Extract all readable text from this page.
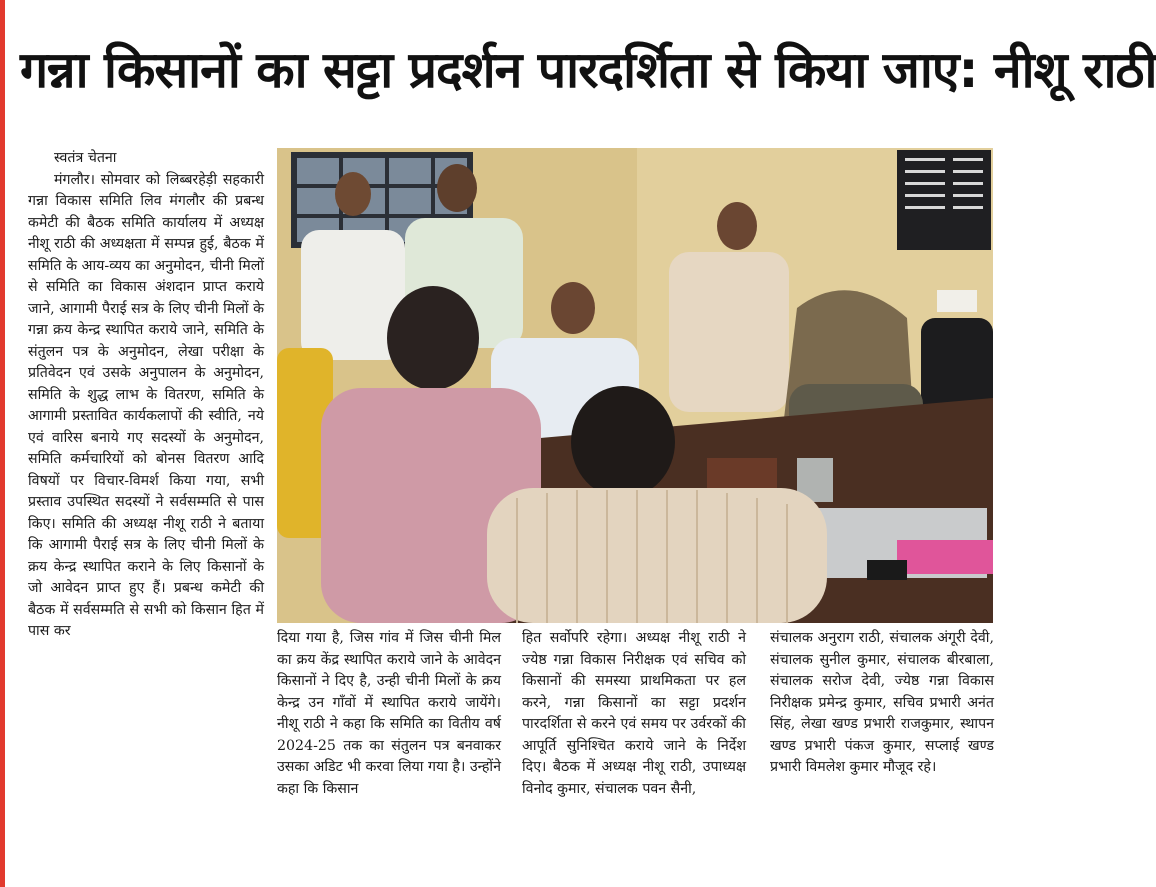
गन्ना किसानों का सट्टा प्रदर्शन पारदर्शिता से किया जाए: नीशू राठी
स्वतंत्र चेतना

मंगलौर। सोमवार को लिब्बरहेड़ी सहकारी गन्ना विकास समिति लिव मंगलौर की प्रबन्ध कमेटी की बैठक समिति कार्यालय में अध्यक्ष नीशू राठी की अध्यक्षता में सम्पन्न हुई, बैठक में समिति के आय-व्यय का अनुमोदन, चीनी मिलों से समिति का विकास अंशदान प्राप्त कराये जाने, आगामी पैराई सत्र के लिए चीनी मिलों के गन्ना क्रय केन्द्र स्थापित कराये जाने, समिति के संतुलन पत्र के अनुमोदन, लेखा परीक्षा के प्रतिवेदन एवं उसके अनुपालन के अनुमोदन, समिति के शुद्ध लाभ के वितरण, समिति के आगामी प्रस्तावित कार्यकलापों की स्वीति, नये एवं वारिस बनाये गए सदस्यों के अनुमोदन, समिति कर्मचारियों को बोनस वितरण आदि विषयों पर विचार-विमर्श किया गया, सभी प्रस्ताव उपस्थित सदस्यों ने सर्वसम्मति से पास किए। समिति की अध्यक्ष नीशू राठी ने बताया कि आगामी पैराई सत्र के लिए चीनी मिलों के क्रय केन्द्र स्थापित कराने के लिए किसानों के जो आवेदन प्राप्त हुए हैं। प्रबन्ध कमेटी की बैठक में सर्वसम्मति से सभी को किसान हित में पास कर	दिया गया है, जिस गांव में जिस चीनी मिल का क्रय केंद्र स्थापित कराये जाने के आवेदन किसानों ने दिए है, उन्ही चीनी मिलों के क्रय केन्द्र उन गाँवों में स्थापित कराये जायेंगे। नीशू राठी ने कहा कि समिति का वितीय वर्ष 2024-25 तक का संतुलन पत्र बनवाकर उसका अडिट भी करवा लिया गया है। उन्होंने कहा कि किसान

हित सर्वोपरि रहेगा। अध्यक्ष नीशू राठी ने ज्येष्ठ गन्ना विकास निरीक्षक एवं सचिव को किसानों की समस्या प्राथमिकता पर हल करने, गन्ना किसानों का सट्टा प्रदर्शन पारदर्शिता से करने एवं समय पर उर्वरकों की आपूर्ति सुनिश्चित कराये जाने के निर्देश दिए। बैठक में अध्यक्ष नीशू राठी, उपाध्यक्ष विनोद कुमार, संचालक पवन सैनी,

संचालक अनुराग राठी, संचालक अंगूरी देवी, संचालक सुनील कुमार, संचालक बीरबाला, संचालक सरोज देवी, ज्येष्ठ गन्ना विकास निरीक्षक प्रमेन्द्र कुमार, सचिव प्रभारी अनंत सिंह, लेखा खण्ड प्रभारी राजकुमार, स्थापन खण्ड प्रभारी पंकज कुमार, सप्लाई खण्ड प्रभारी विमलेश कुमार मौजूद रहे।
